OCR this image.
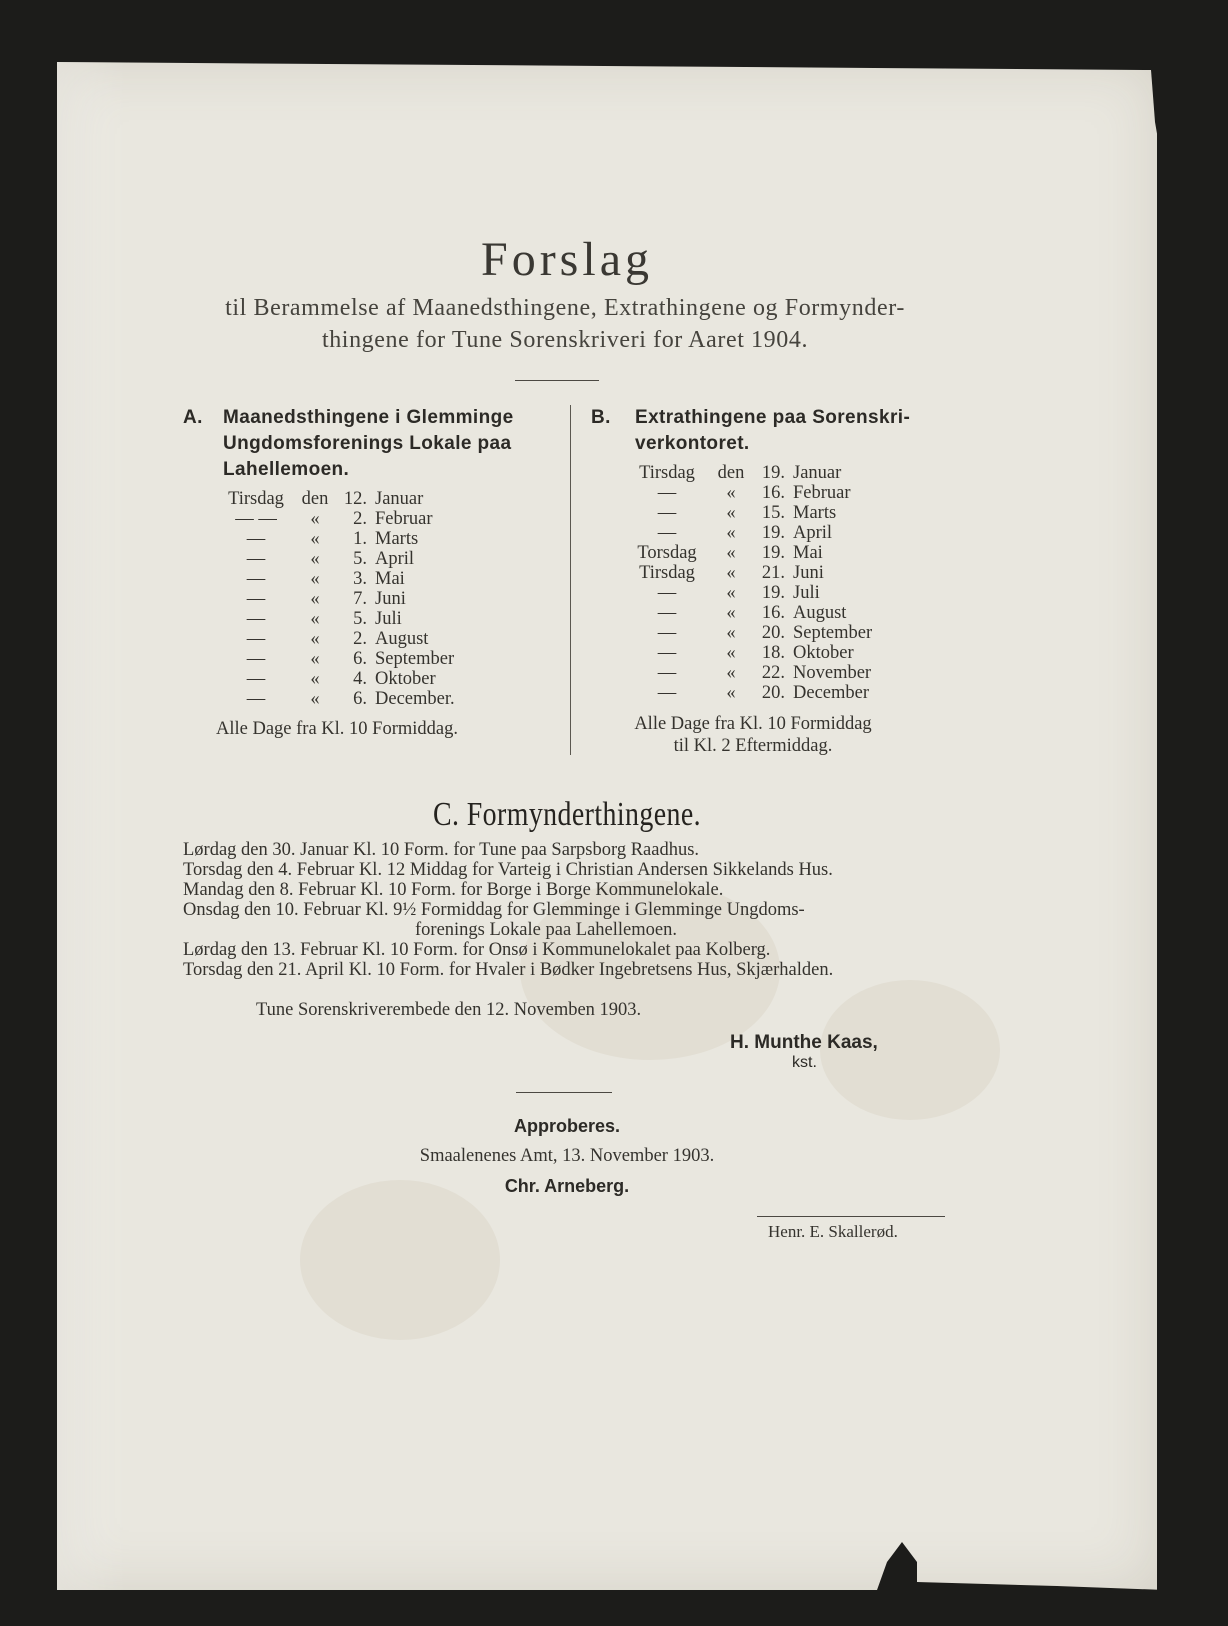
Forslag
til Berammelse af Maanedsthingene, Extrathingene og Formynder-
thingene for Tune Sorenskriveri for Aaret 1904.
A. Maanedsthingene i Glemminge
Ungdomsforenings Lokale paa
Lahellemoen.
Tirsdag den 12. Januar
— —	«	2. Februar
—	«	1. Marts
—	«	5. April
—	«	3. Mai
—	«	7. Juni
—	«	5. Juli
—	«	2. August
—	«	6. September
—	«	4. Oktober
—	«	6. December.
Alle Dage fra Kl. 10 Formiddag.
B. Extrathingene paa Sorenskri-
verkontoret.
Tirsdag	den 19. Januar
—	«	16. Februar
—	«	15. Marts
—	«	19. April
Torsdag	«	19. Mai
Tirsdag	«	21. Juni
—	«	19. Juli
—	«	16. August
—	«	20. September
—	«	18. Oktober
—	«	22. November
—	«	20. December
Alle Dage fra Kl. 10 Formiddag
til Kl. 2 Eftermiddag.
C. Formynderthingene.
Lørdag den 30. Januar Kl. 10 Form. for Tune paa Sarpsborg Raadhus.
Torsdag den 4. Februar Kl. 12 Middag for Varteig i Christian Andersen Sikkelands Hus.
Mandag den 8. Februar Kl. 10 Form. for Borge i Borge Kommunelokale.
Onsdag den 10. Februar Kl. 9½ Formiddag for Glemminge i Glemminge Ungdoms-
forenings Lokale paa Lahellemoen.
Lørdag den 13. Februar Kl. 10 Form. for Onsø i Kommunelokalet paa Kolberg.
Torsdag den 21. April Kl. 10 Form. for Hvaler i Bødker Ingebretsens Hus, Skjærhalden.
Tune Sorenskriverembede den 12. Novemben 1903.
H. Munthe Kaas,
kst.
Approberes.
Smaalenenes Amt, 13. November 1903.
Chr. Arneberg.
Henr. E. Skallerød.
